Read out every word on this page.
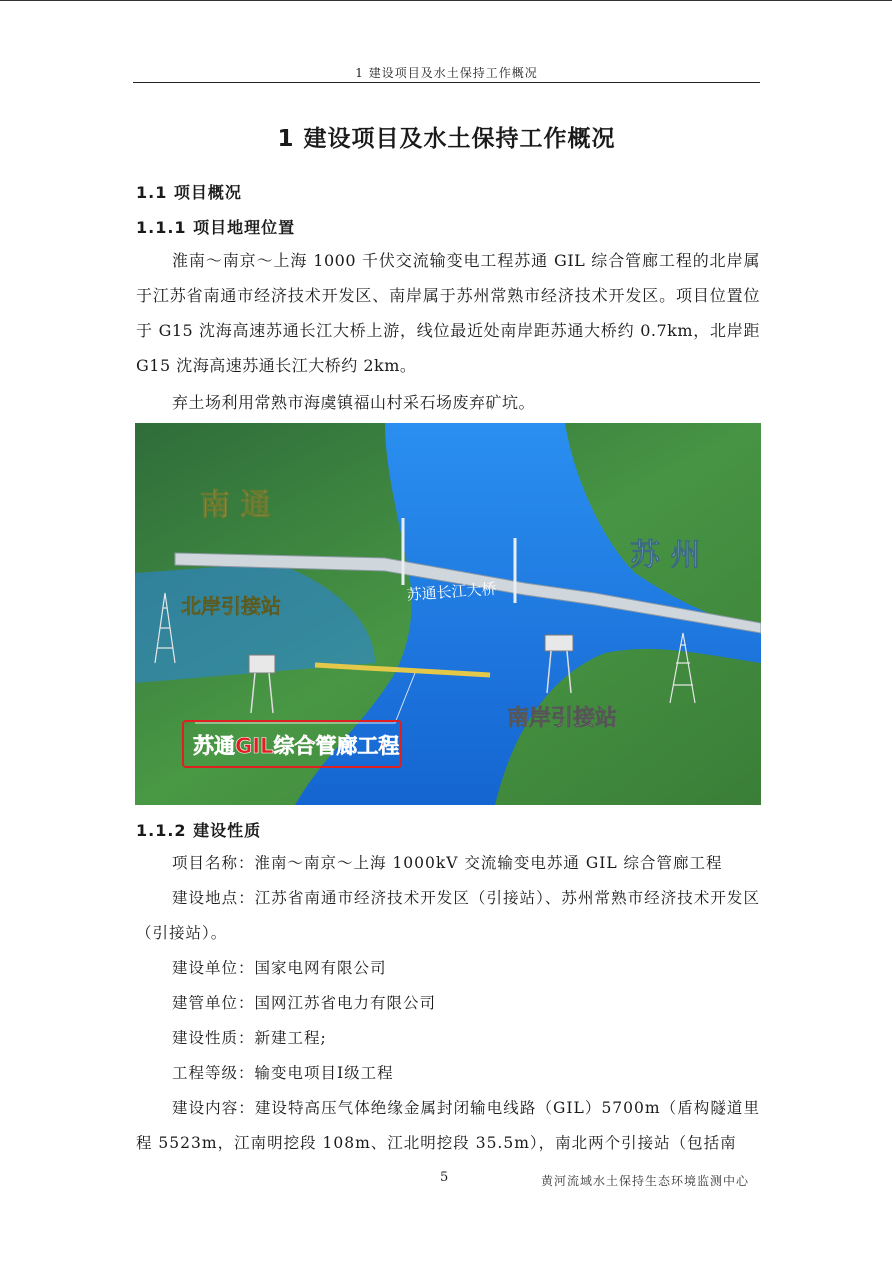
1 建设项目及水土保持工作概况
1 建设项目及水土保持工作概况
1.1 项目概况
1.1.1 项目地理位置

淮南～南京～上海 1000 千伏交流输变电工程苏通 GIL 综合管廊工程的北岸属于江苏省南通市经济技术开发区、南岸属于苏州常熟市经济技术开发区。项目位置位于 G15 沈海高速苏通长江大桥上游，线位最近处南岸距苏通大桥约 0.7km，北岸距 G15 沈海高速苏通长江大桥约 2km。

弃土场利用常熟市海虞镇福山村采石场废弃矿坑。

南 通
苏 州
苏通长江大桥
北岸引接站
南岸引接站
苏通GIL综合管廊工程
1.1.2 建设性质
项目名称：淮南～南京～上海 1000kV 交流输变电苏通 GIL 综合管廊工程
建设地点：江苏省南通市经济技术开发区（引接站）、苏州常熟市经济技术开发区（引接站）。
建设单位：国家电网有限公司
建管单位：国网江苏省电力有限公司
建设性质：新建工程;
工程等级：输变电项目Ⅰ级工程
建设内容：建设特高压气体绝缘金属封闭输电线路（GIL）5700m（盾构隧道里程 5523m，江南明挖段 108m、江北明挖段 35.5m），南北两个引接站（包括南
5	黄河流域水土保持生态环境监测中心
